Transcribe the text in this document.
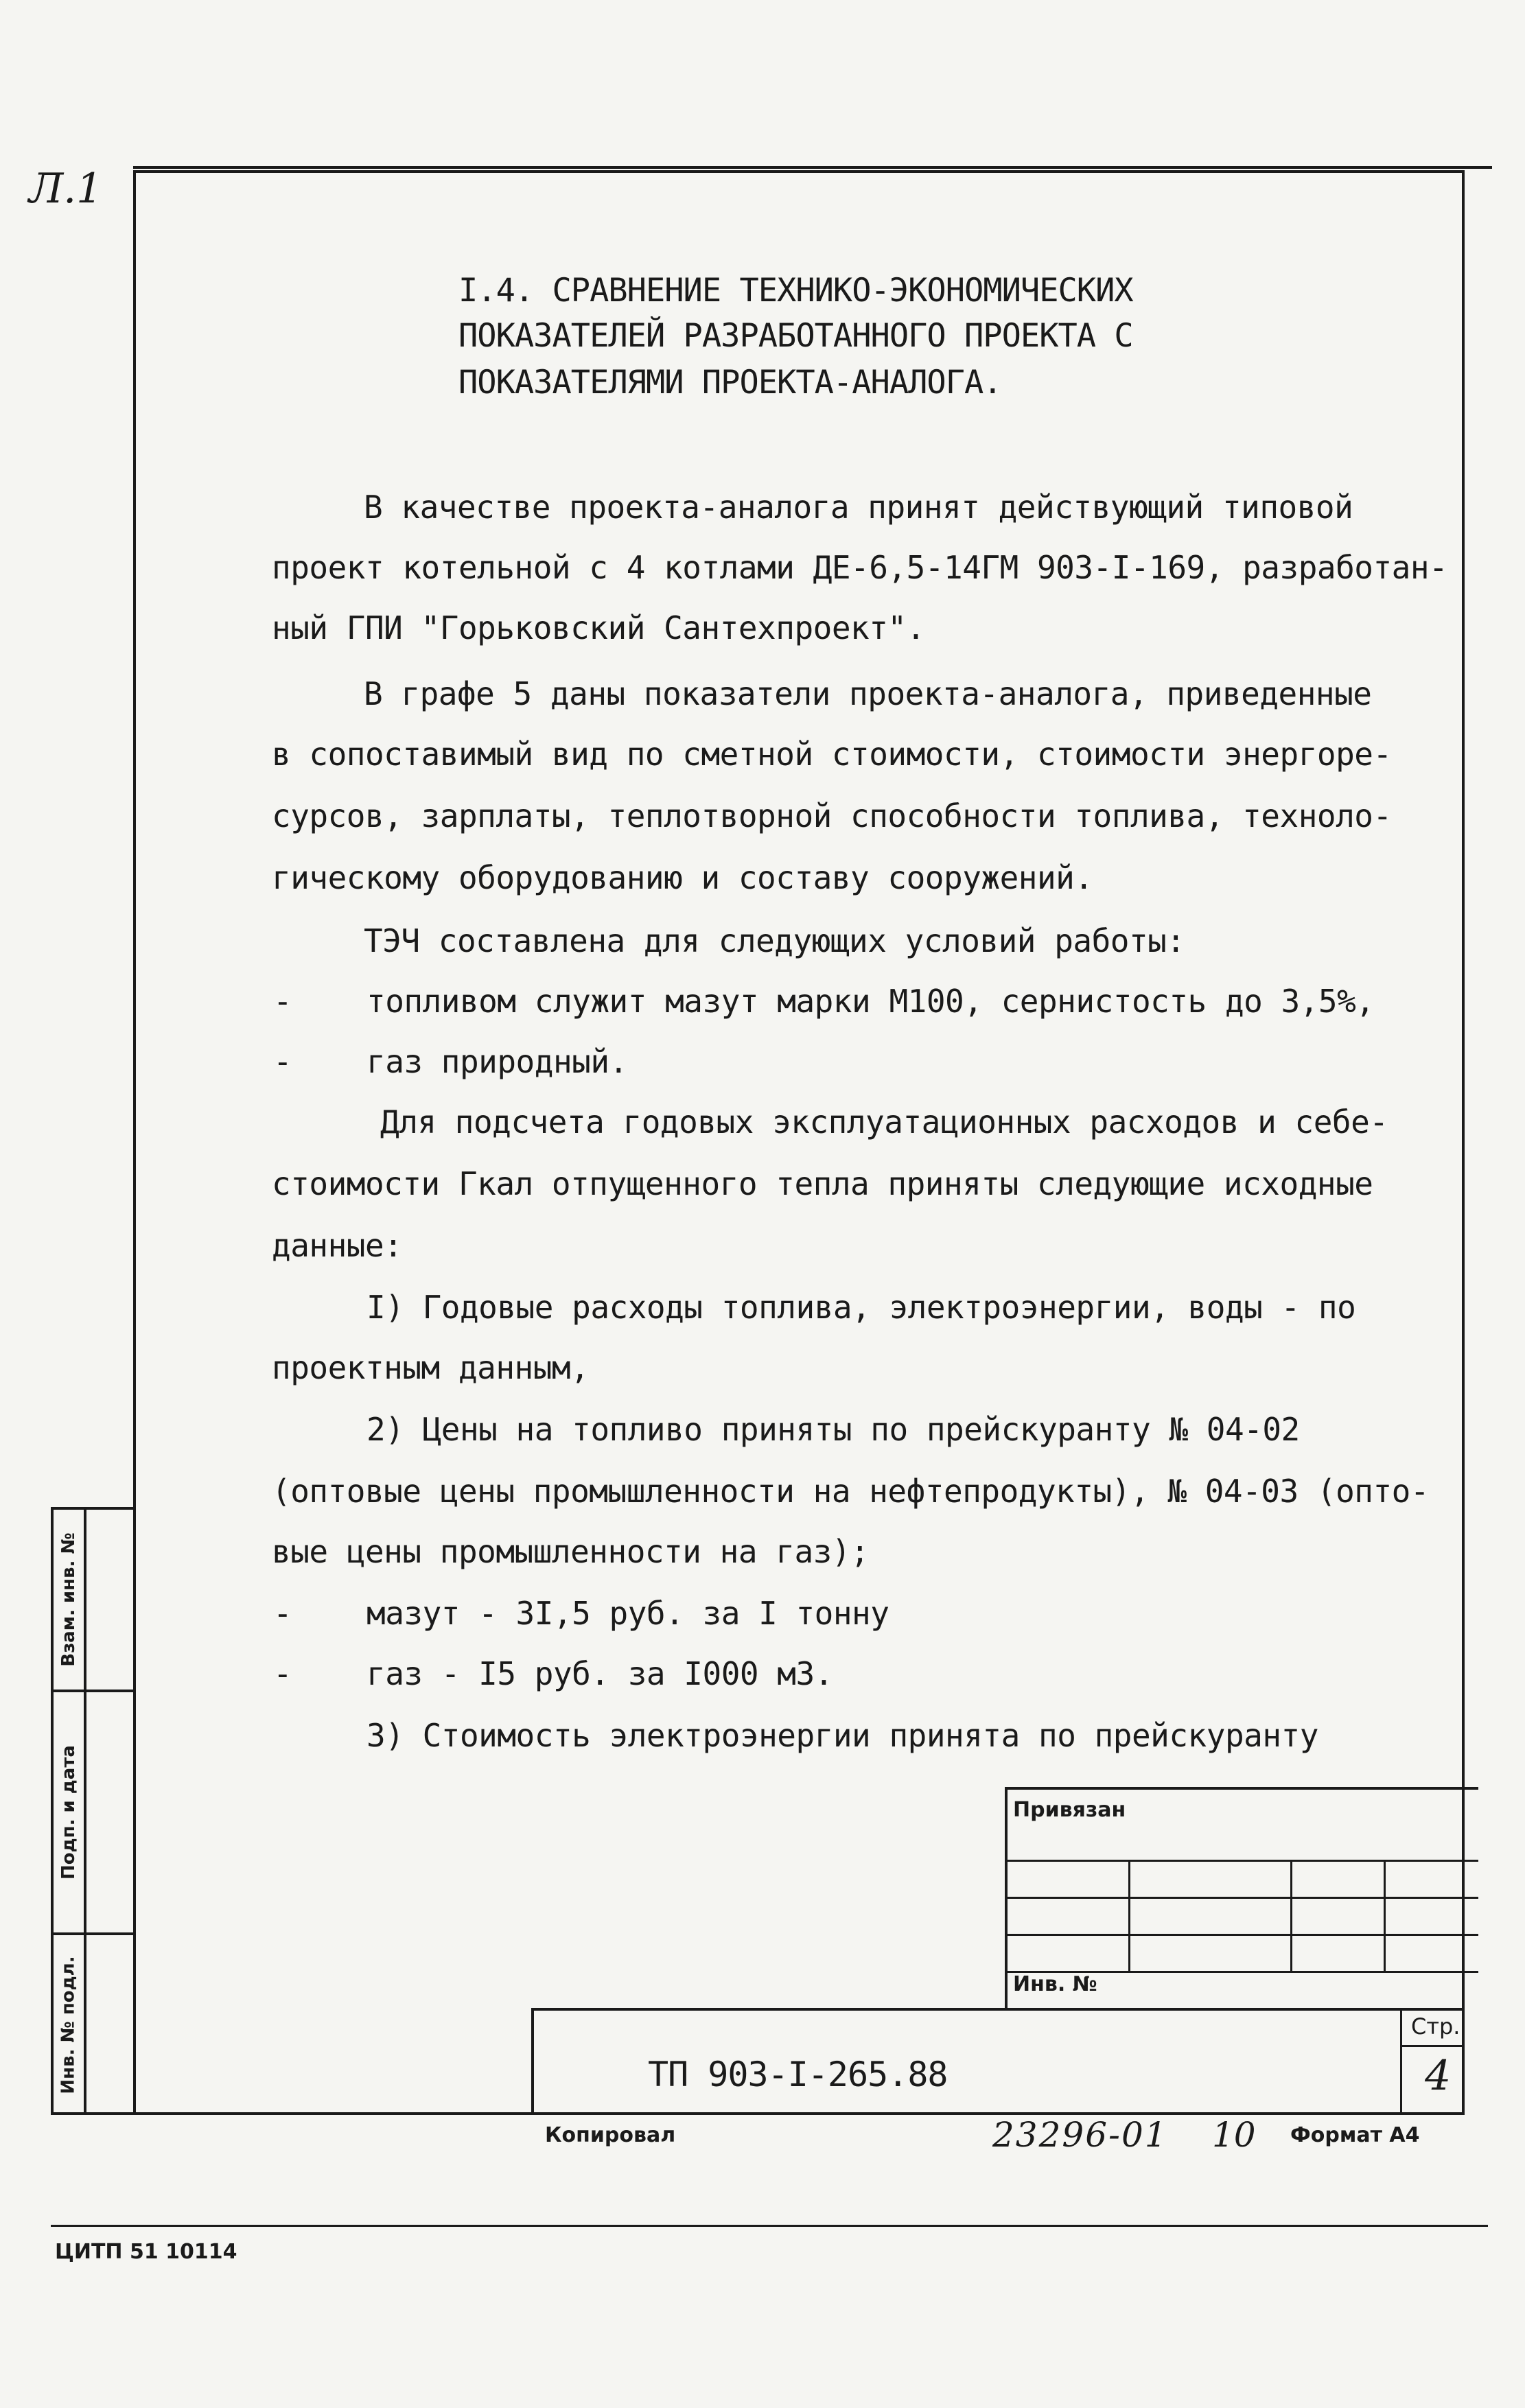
Л.1
I.4. СРАВНЕНИЕ ТЕХНИКО-ЭКОНОМИЧЕСКИХ
ПОКАЗАТЕЛЕЙ РАЗРАБОТАННОГО ПРОЕКТА С
ПОКАЗАТЕЛЯМИ ПРОЕКТА-АНАЛОГА.
В качестве проекта-аналога принят действующий типовой
проект котельной с 4 котлами ДЕ-6,5-14ГМ 903-I-169, разработан-
ный ГПИ "Горьковский Сантехпроект".
В графе 5 даны показатели проекта-аналога, приведенные
в сопоставимый вид по сметной стоимости, стоимости энергоре-
сурсов, зарплаты, теплотворной способности топлива, техноло-
гическому оборудованию и составу сооружений.
ТЭЧ составлена для следующих условий работы:
- топливом служит мазут марки М100, сернистость до 3,5%,
- газ природный.
Для подсчета годовых эксплуатационных расходов и себе-
стоимости Гкал отпущенного тепла приняты следующие исходные
данные:
I) Годовые расходы топлива, электроэнергии, воды - по
проектным данным,
2) Цены на топливо приняты по прейскуранту № 04-02
(оптовые цены промышленности на нефтепродукты), № 04-03 (опто-
вые цены промышленности на газ);
- мазут - 3I,5 руб. за I тонну
- газ - I5 руб. за I000 м3.
3) Стоимость электроэнергии принята по прейскуранту
Взам. инв. №
Подп. и дата
Инв. № подл.
Привязан
Инв. №
ТП 903-I-265.88
Стр.
4
Копировал	23296-01 10 Формат А4
ЦИТП 51 10114
